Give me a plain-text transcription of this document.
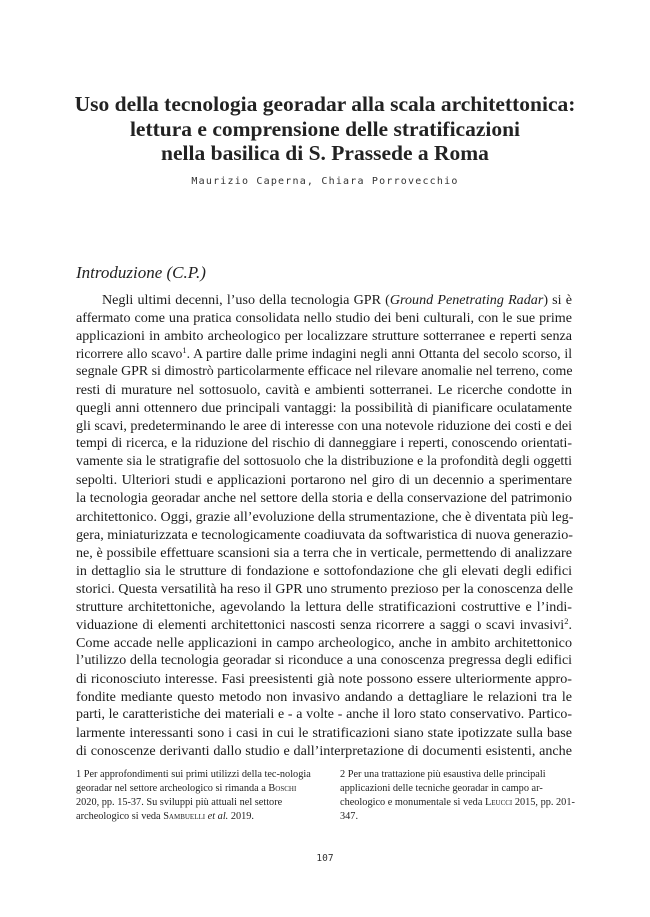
Uso della tecnologia georadar alla scala architettonica:
lettura e comprensione delle stratificazioni
nella basilica di S. Prassede a Roma
Maurizio Caperna, Chiara Porrovecchio
Introduzione (C.P.)
Negli ultimi decenni, l’uso della tecnologia GPR (Ground Penetrating Radar) si è
affermato come una pratica consolidata nello studio dei beni culturali, con le sue prime
applicazioni in ambito archeologico per localizzare strutture sotterranee e reperti senza
ricorrere allo scavo$^1$. A partire dalle prime indagini negli anni Ottanta del secolo scorso, il
segnale GPR si dimostrò particolarmente efficace nel rilevare anomalie nel terreno, come
resti di murature nel sottosuolo, cavità e ambienti sotterranei. Le ricerche condotte in
quegli anni ottennero due principali vantaggi: la possibilità di pianificare oculatamente
gli scavi, predeterminando le aree di interesse con una notevole riduzione dei costi e dei
tempi di ricerca, e la riduzione del rischio di danneggiare i reperti, conoscendo orientati-
vamente sia le stratigrafie del sottosuolo che la distribuzione e la profondità degli oggetti
sepolti. Ulteriori studi e applicazioni portarono nel giro di un decennio a sperimentare
la tecnologia georadar anche nel settore della storia e della conservazione del patrimonio
architettonico. Oggi, grazie all’evoluzione della strumentazione, che è diventata più leg-
gera, miniaturizzata e tecnologicamente coadiuvata da softwaristica di nuova generazio-
ne, è possibile effettuare scansioni sia a terra che in verticale, permettendo di analizzare
in dettaglio sia le strutture di fondazione e sottofondazione che gli elevati degli edifici
storici. Questa versatilità ha reso il GPR uno strumento prezioso per la conoscenza delle
strutture architettoniche, agevolando la lettura delle stratificazioni costruttive e l’indi-
viduazione di elementi architettonici nascosti senza ricorrere a saggi o scavi invasivi$^2$.
Come accade nelle applicazioni in campo archeologico, anche in ambito architettonico
l’utilizzo della tecnologia georadar si riconduce a una conoscenza pregressa degli edifici
di riconosciuto interesse. Fasi preesistenti già note possono essere ulteriormente appro-
fondite mediante questo metodo non invasivo andando a dettagliare le relazioni tra le
parti, le caratteristiche dei materiali e - a volte - anche il loro stato conservativo. Partico-
larmente interessanti sono i casi in cui le stratificazioni siano state ipotizzate sulla base
di conoscenze derivanti dallo studio e dall’interpretazione di documenti esistenti, anche
1 Per approfondimenti sui primi utilizzi della tec-nologia georadar nel settore archeologico si rimanda a Boschi 2020, pp. 15-37. Su sviluppi più attuali nel settore archeologico si veda Sambuelli et al. 2019.
2 Per una trattazione più esaustiva delle principali applicazioni delle tecniche georadar in campo ar-cheologico e monumentale si veda Leucci 2015, pp. 201-347.
107
